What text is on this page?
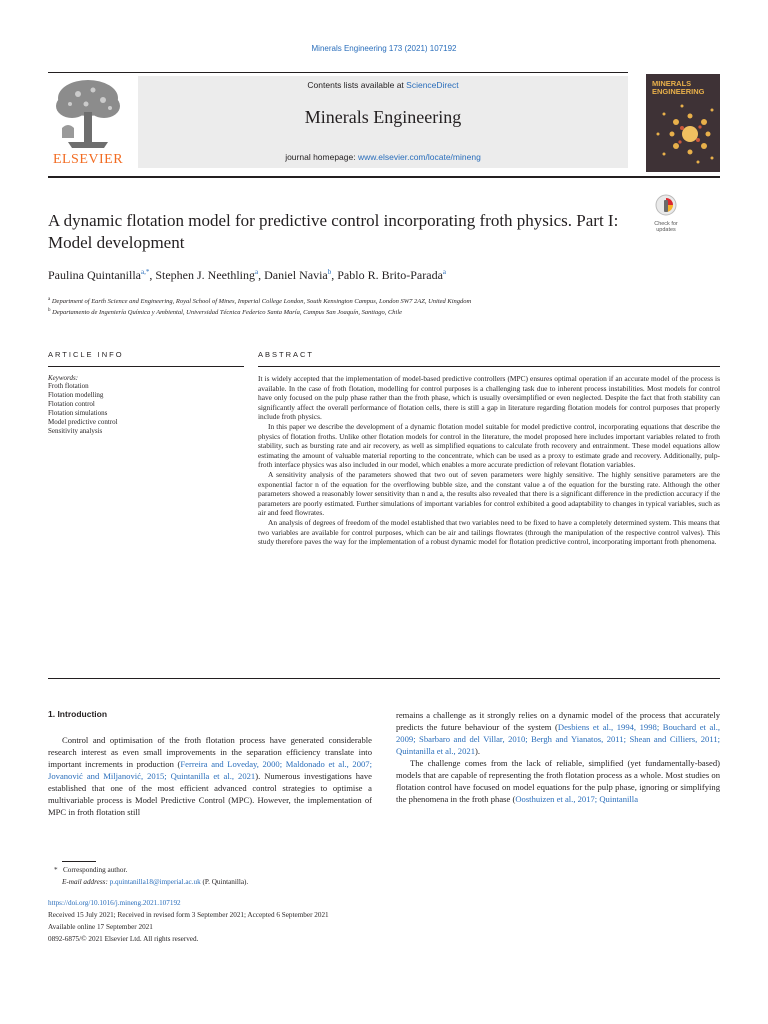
Minerals Engineering 173 (2021) 107192
ELSEVIER
Contents lists available at ScienceDirect
Minerals Engineering
journal homepage: www.elsevier.com/locate/mineng
MINERALS ENGINEERING
Check for updates
A dynamic flotation model for predictive control incorporating froth physics. Part I: Model development
Paulina Quintanilla$^{a,*}$, Stephen J. Neethling$^a$, Daniel Navia$^b$, Pablo R. Brito-Parada$^a$
$^a$ Department of Earth Science and Engineering, Royal School of Mines, Imperial College London, South Kensington Campus, London SW7 2AZ, United Kingdom
$^b$ Departamento de Ingeniería Química y Ambiental, Universidad Técnica Federico Santa María, Campus San Joaquín, Santiago, Chile
ARTICLE INFO
Keywords:
Froth flotation
Flotation modelling
Flotation control
Flotation simulations
Model predictive control
Sensitivity analysis
ABSTRACT

It is widely accepted that the implementation of model-based predictive controllers (MPC) ensures optimal operation if an accurate model of the process is available. In the case of froth flotation, modelling for control purposes is a challenging task due to inherent process instabilities. Most models for control have only focused on the pulp phase rather than the froth phase, which is usually oversimplified or even neglected. Despite the fact that froth stability can significantly affect the overall performance of flotation cells, there is still a gap in literature regarding flotation models for control purposes that properly include froth physics.

In this paper we describe the development of a dynamic flotation model suitable for model predictive control, incorporating equations that describe the physics of flotation froths. Unlike other flotation models for control in the literature, the model proposed here includes important variables related to froth stability, such as bursting rate and air recovery, as well as simplified equations to calculate froth recovery and entrainment. These model equations allow estimating the amount of valuable material reporting to the concentrate, which can be used as a proxy to estimate grade and recovery. Additionally, pulp-froth interface physics was also included in our model, which enables a more accurate prediction of relevant flotation variables.

A sensitivity analysis of the parameters showed that two out of seven parameters were highly sensitive. The highly sensitive parameters are the exponential factor n of the equation for the overflowing bubble size, and the constant value a of the equation for the bursting rate. Although the other parameters showed a reasonably lower sensitivity than n and a, the results also revealed that there is a significant difference in the prediction accuracy if the parameters are poorly estimated. Further simulations of important variables for control exhibited a good adaptability to changes in typical variables, such as air and feed flowrates.

An analysis of degrees of freedom of the model established that two variables need to be fixed to have a completely determined system. This means that two variables are available for control purposes, which can be air and tailings flowrates (through the manipulation of the respective control valves). This study therefore paves the way for the implementation of a robust dynamic model for flotation predictive control, incorporating important froth phenomena.

1. Introduction

Control and optimisation of the froth flotation process have generated considerable research interest as even small improvements in the separation efficiency translate into important increments in production (Ferreira and Loveday, 2000; Maldonado et al., 2007; Jovanović and Miljanović, 2015; Quintanilla et al., 2021). Numerous investigations have established that one of the most efficient advanced control strategies to optimise a multivariable process is Model Predictive Control (MPC). However, the implementation of MPC in froth flotation still

remains a challenge as it strongly relies on a dynamic model of the process that accurately predicts the future behaviour of the system (Desbiens et al., 1994, 1998; Bouchard et al., 2009; Sbarbaro and del Villar, 2010; Bergh and Yianatos, 2011; Shean and Cilliers, 2011; Quintanilla et al., 2021).

The challenge comes from the lack of reliable, simplified (yet fundamentally-based) models that are capable of representing the froth flotation process as a whole. Most studies on flotation control have focused on model equations for the pulp phase, ignoring or simplifying the phenomena in the froth phase (Oosthuizen et al., 2017; Quintanilla

* Corresponding author.
E-mail address: p.quintanilla18@imperial.ac.uk (P. Quintanilla).
https://doi.org/10.1016/j.mineng.2021.107192
Received 15 July 2021; Received in revised form 3 September 2021; Accepted 6 September 2021
Available online 17 September 2021
0892-6875/© 2021 Elsevier Ltd. All rights reserved.
